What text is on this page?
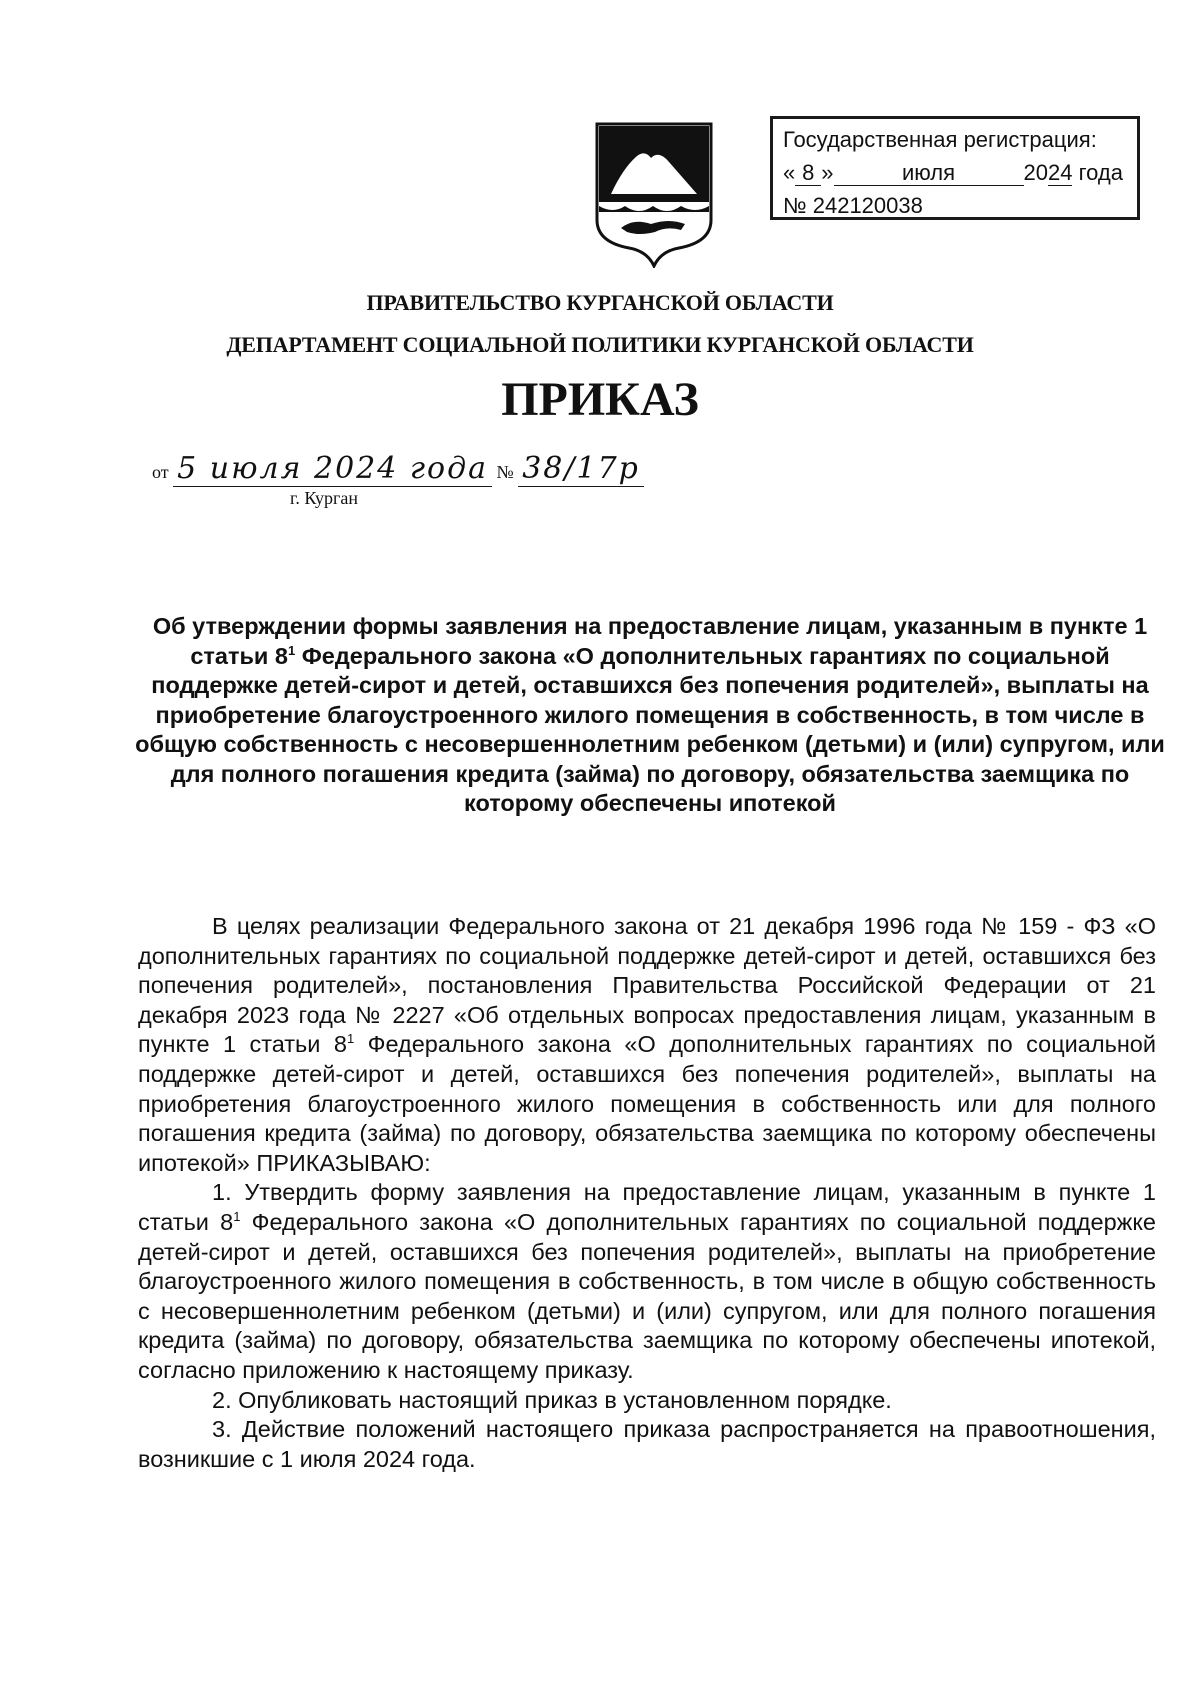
Государственная регистрация:
« 8 »	июля	2024 года
№ 242120038
ПРАВИТЕЛЬСТВО КУРГАНСКОЙ ОБЛАСТИ
ДЕПАРТАМЕНТ СОЦИАЛЬНОЙ ПОЛИТИКИ КУРГАНСКОЙ ОБЛАСТИ
ПРИКАЗ
от 5 июля 2024 года № 38/17р
г. Курган
Об утверждении формы заявления на предоставление лицам, указанным в пункте 1 статьи $8^1$ Федерального закона «О дополнительных гарантиях по социальной поддержке детей-сирот и детей, оставшихся без попечения родителей», выплаты на приобретение благоустроенного жилого помещения в собственность, в том числе в общую собственность с несовершеннолетним ребенком (детьми) и (или) супругом, или для полного погашения кредита (займа) по договору, обязательства заемщика по которому обеспечены ипотекой

В целях реализации Федерального закона от 21 декабря 1996 года № 159 - ФЗ «О дополнительных гарантиях по социальной поддержке детей-сирот и детей, оставшихся без попечения родителей», постановления Правительства Российской Федерации от 21 декабря 2023 года № 2227 «Об отдельных вопросах предоставления лицам, указанным в пункте 1 статьи $8^1$ Федерального закона «О дополнительных гарантиях по социальной поддержке детей-сирот и детей, оставшихся без попечения родителей», выплаты на приобретения благоустроенного жилого помещения в собственность или для полного погашения кредита (займа) по договору, обязательства заемщика по которому обеспечены ипотекой» ПРИКАЗЫВАЮ:

1. Утвердить форму заявления на предоставление лицам, указанным в пункте 1 статьи $8^1$ Федерального закона «О дополнительных гарантиях по социальной поддержке детей-сирот и детей, оставшихся без попечения родителей», выплаты на приобретение благоустроенного жилого помещения в собственность, в том числе в общую собственность с несовершеннолетним ребенком (детьми) и (или) супругом, или для полного погашения кредита (займа) по договору, обязательства заемщика по которому обеспечены ипотекой, согласно приложению к настоящему приказу.

2. Опубликовать настоящий приказ в установленном порядке.

3. Действие положений настоящего приказа распространяется на правоотношения, возникшие с 1 июля 2024 года.
